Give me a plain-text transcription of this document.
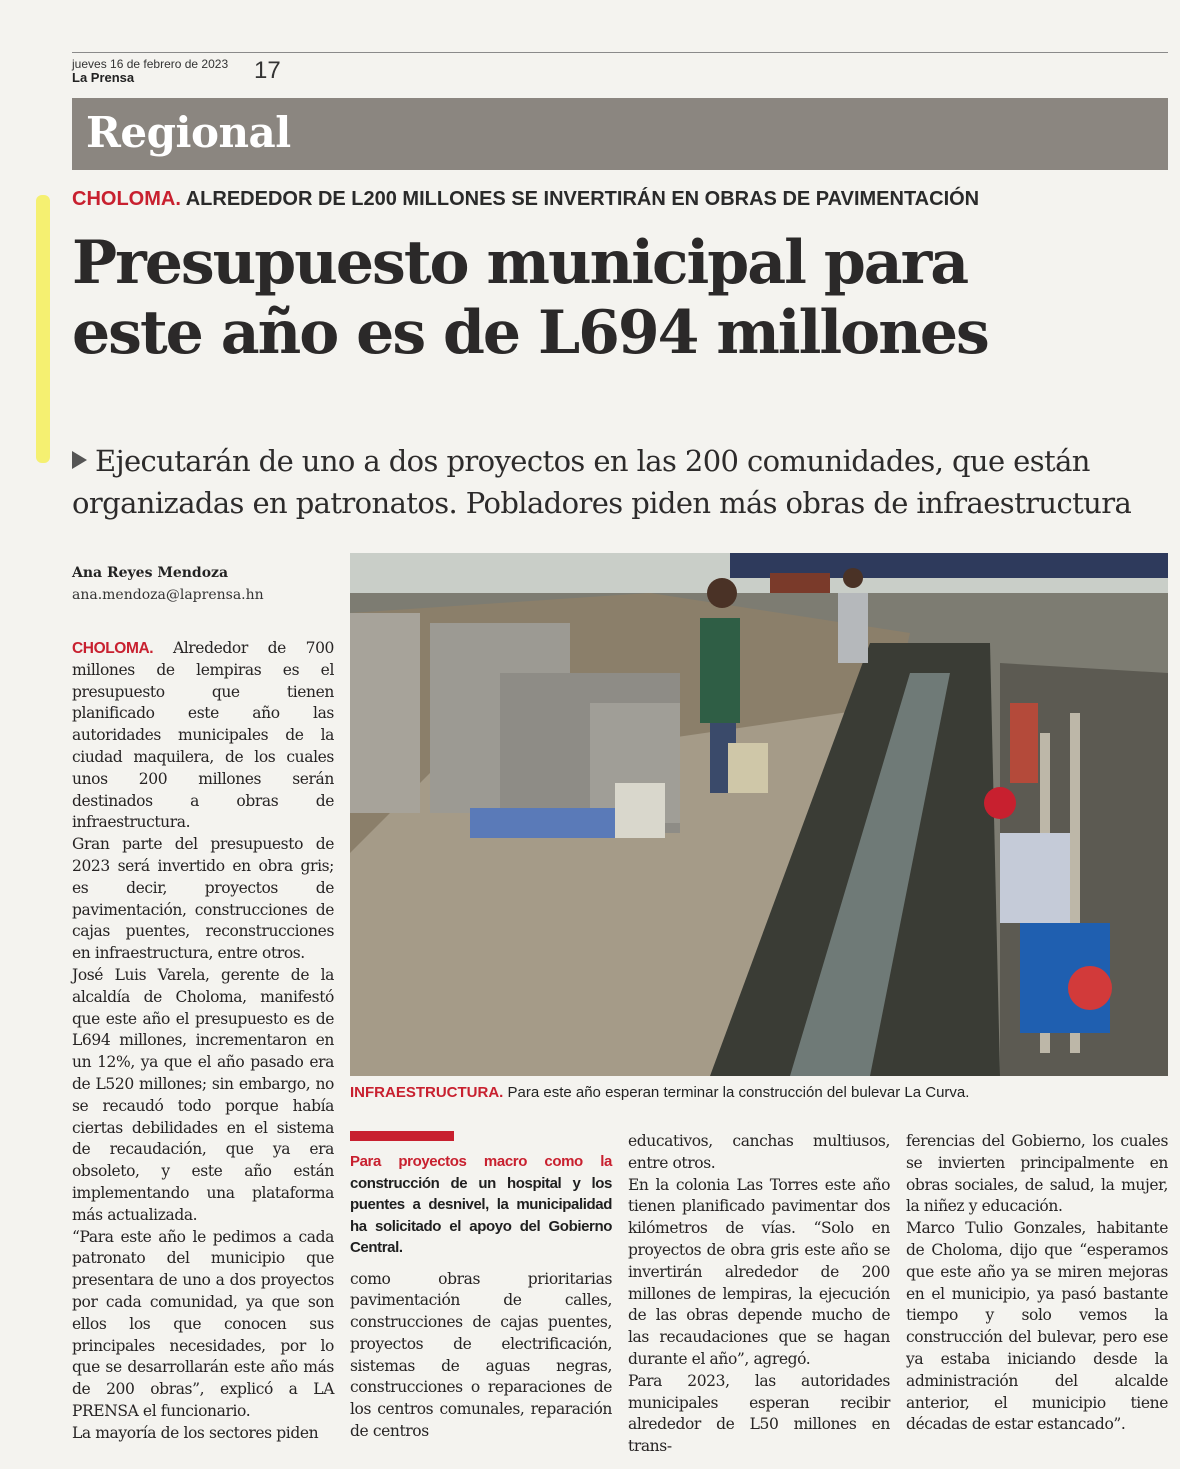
jueves 16 de febrero de 2023
La Prensa	17
Regional
CHOLOMA. ALREDEDOR DE L200 MILLONES SE INVERTIRÁN EN OBRAS DE PAVIMENTACIÓN
Presupuesto municipal para
este año es de L694 millones
Ejecutarán de uno a dos proyectos en las 200 comunidades, que están organizadas en patronatos. Pobladores piden más obras de infraestructura
Ana Reyes Mendoza
ana.mendoza@laprensa.hn
INFRAESTRUCTURA. Para este año esperan terminar la construcción del bulevar La Curva.

CHOLOMA. Alrededor de 700 millones de lempiras es el presupuesto que tienen planificado este año las autoridades municipales de la ciudad maquilera, de los cuales unos 200 millones serán destinados a obras de infraestructura.

Gran parte del presupuesto de 2023 será invertido en obra gris; es decir, proyectos de pavimentación, construcciones de cajas puentes, reconstrucciones en infraestructura, entre otros.

José Luis Varela, gerente de la alcaldía de Choloma, manifestó que este año el presupuesto es de L694 millones, incrementaron en un 12%, ya que el año pasado era de L520 millones; sin embargo, no se recaudó todo porque había ciertas debilidades en el sistema de recaudación, que ya era obsoleto, y este año están implementando una plataforma más actualizada.

“Para este año le pedimos a cada patronato del municipio que presentara de uno a dos proyectos por cada comunidad, ya que son ellos los que conocen sus principales necesidades, por lo que se desarrollarán este año más de 200 obras”, explicó a LA PRENSA el funcionario.

La mayoría de los sectores piden

Para proyectos macro como la construcción de un hospital y los puentes a desnivel, la municipalidad ha solicitado el apoyo del Gobierno Central.

como obras prioritarias pavimentación de calles, construcciones de cajas puentes, proyectos de electrificación, sistemas de aguas negras, construcciones o reparaciones de los centros comunales, reparación de centros

educativos, canchas multiusos, entre otros.

En la colonia Las Torres este año tienen planificado pavimentar dos kilómetros de vías. “Solo en proyectos de obra gris este año se invertirán alrededor de 200 millones de lempiras, la ejecución de las obras depende mucho de las recaudaciones que se hagan durante el año”, agregó.

Para 2023, las autoridades municipales esperan recibir alrededor de L50 millones en trans-

ferencias del Gobierno, los cuales se invierten principalmente en obras sociales, de salud, la mujer, la niñez y educación.

Marco Tulio Gonzales, habitante de Choloma, dijo que “esperamos que este año ya se miren mejoras en el municipio, ya pasó bastante tiempo y solo vemos la construcción del bulevar, pero ese ya estaba iniciando desde la administración del alcalde anterior, el municipio tiene décadas de estar estancado”.
